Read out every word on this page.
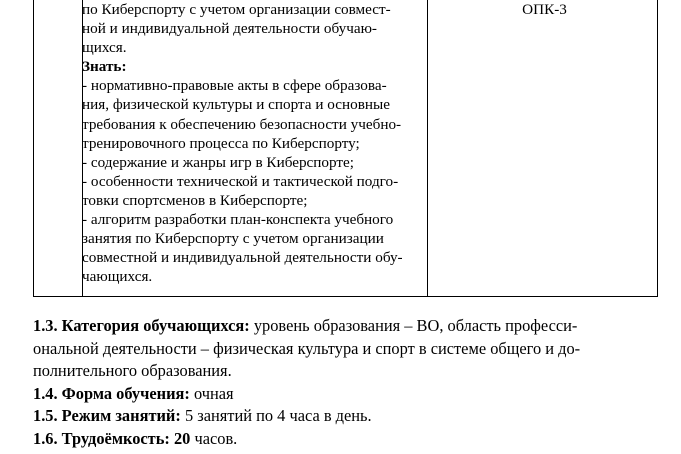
по Киберспорту с учетом организации совмест-

ной и индивидуальной деятельности обучаю-

щихся.

Знать:

- нормативно-правовые акты в сфере образова-

ния, физической культуры и спорта и основные

требования к обеспечению безопасности учебно-

тренировочного процесса по Киберспорту;

- содержание и жанры игр в Киберспорте;

- особенности технической и тактической подго-

товки спортсменов в Киберспорте;

- алгоритм разработки план-конспекта учебного

занятия по Киберспорту с учетом организации

совместной и индивидуальной деятельности обу-

чающихся.

ОПК-3

1.3. Категория обучающихся: уровень образования – ВО, область професси-

ональной деятельности – физическая культура и спорт в системе общего и до-

полнительного образования.

1.4. Форма обучения: очная

1.5. Режим занятий: 5 занятий по 4 часа в день.

1.6. Трудоёмкость: 20 часов.
